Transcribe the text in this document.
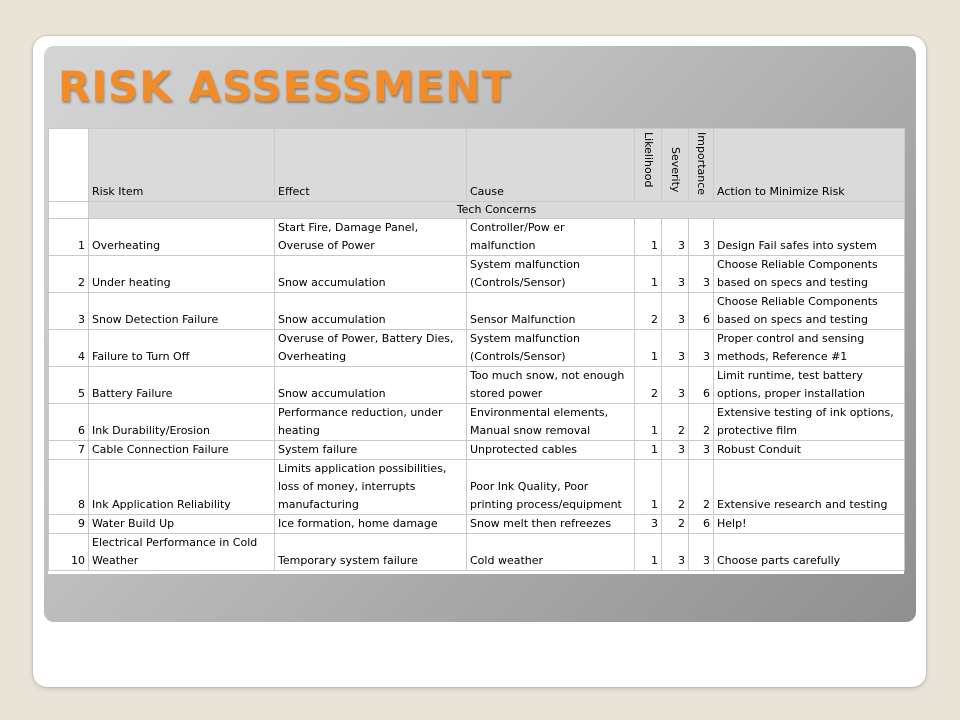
RISK ASSESSMENT
	Risk Item	Effect	Cause	Likelihood	Severity	Importance	Action to Minimize Risk
	Tech Concerns						
1	Overheating	Start Fire, Damage Panel, Overuse of Power	Controller/Pow er malfunction	1	3	3	Design Fail safes into system
2	Under heating	Snow accumulation	System malfunction (Controls/Sensor)	1	3	3	Choose Reliable Components based on specs and testing
3	Snow Detection Failure	Snow accumulation	Sensor Malfunction	2	3	6	Choose Reliable Components based on specs and testing
4	Failure to Turn Off	Overuse of Power, Battery Dies, Overheating	System malfunction (Controls/Sensor)	1	3	3	Proper control and sensing methods, Reference #1
5	Battery Failure	Snow accumulation	Too much snow, not enough stored power	2	3	6	Limit runtime, test battery options, proper installation
6	Ink Durability/Erosion	Performance reduction, under heating	Environmental elements, Manual snow removal	1	2	2	Extensive testing of ink options, protective film
7	Cable Connection Failure	System failure	Unprotected cables	1	3	3	Robust Conduit
8	Ink Application Reliability	Limits application possibilities, loss of money, interrupts manufacturing	Poor Ink Quality, Poor printing process/equipment	1	2	2	Extensive research and testing
9	Water Build Up	Ice formation, home damage	Snow melt then refreezes	3	2	6	Help!
10	Electrical Performance in Cold Weather	Temporary system failure	Cold weather	1	3	3	Choose parts carefully
